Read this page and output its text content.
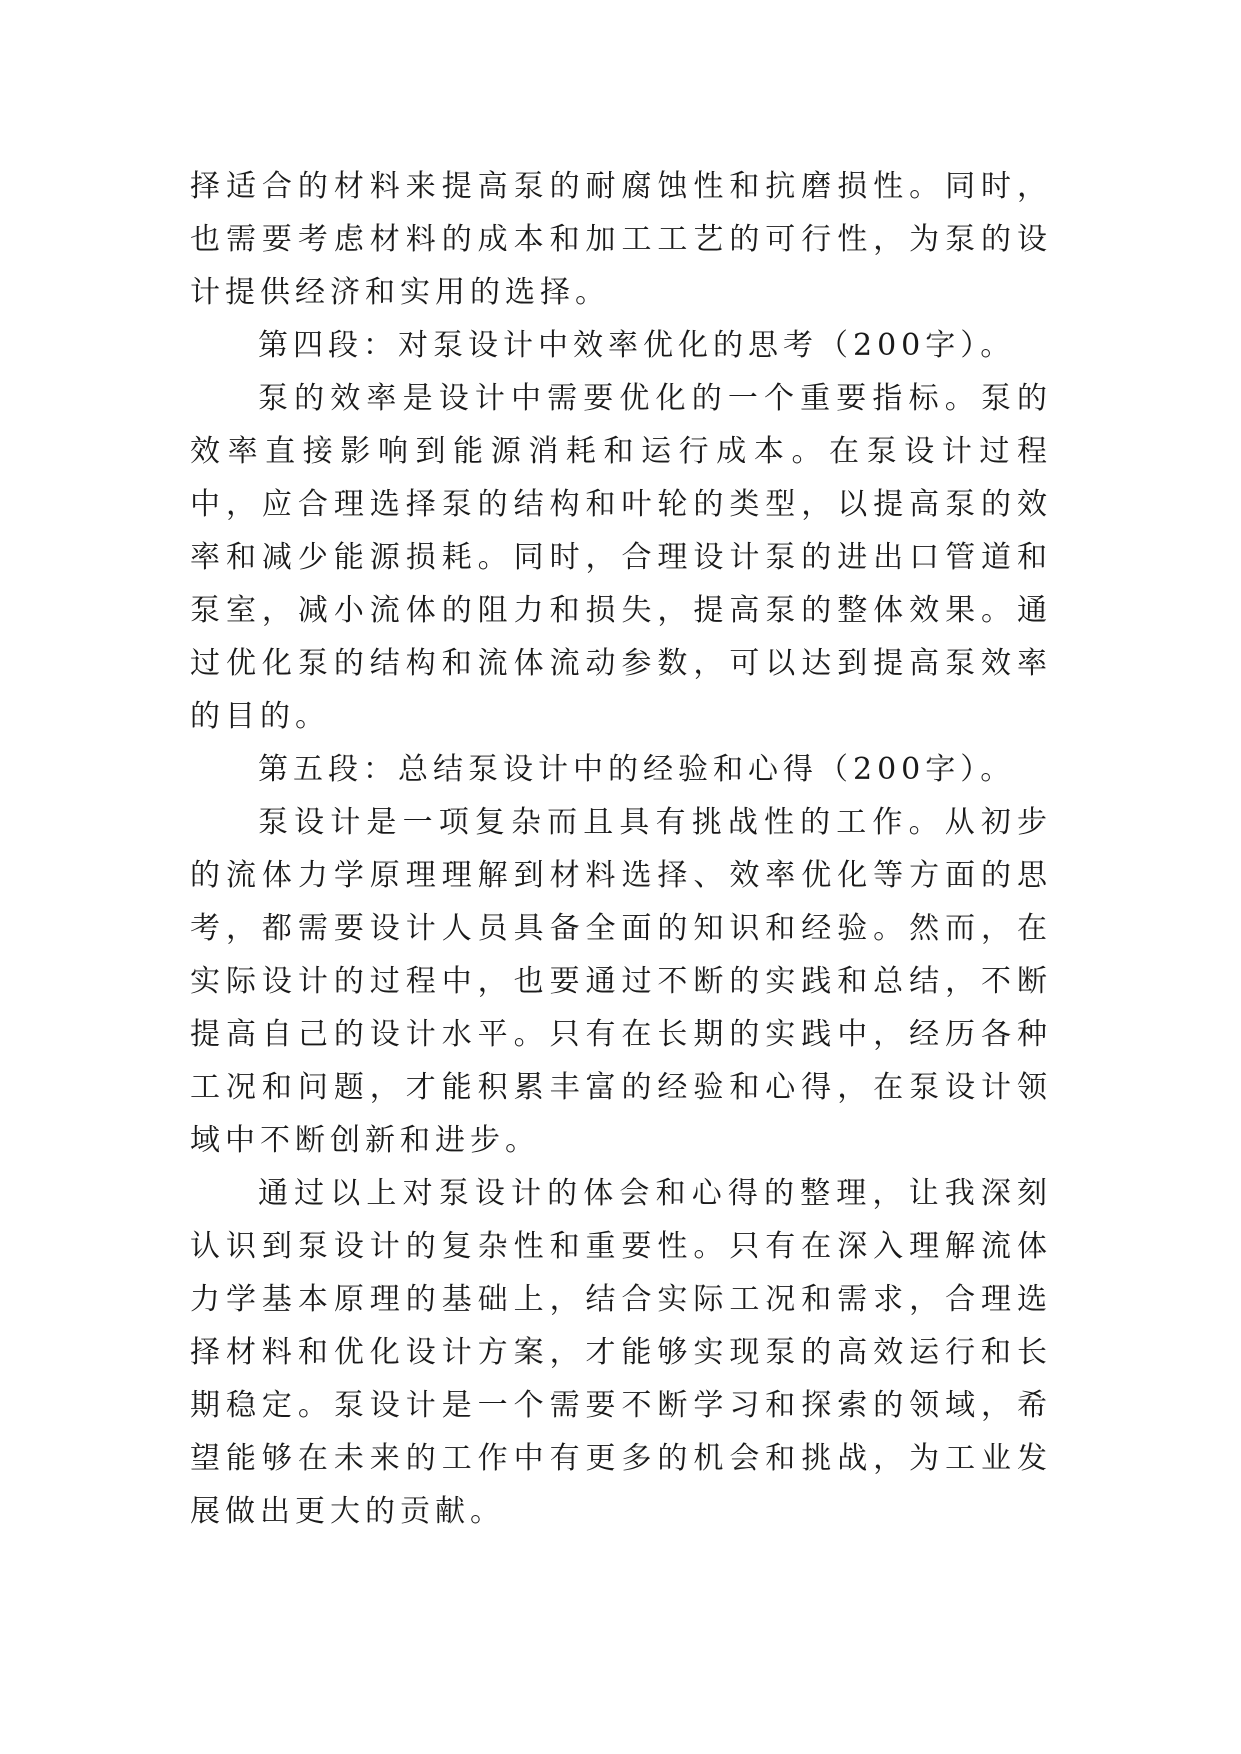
择适合的材料来提高泵的耐腐蚀性和抗磨损性。同时，也需要考虑材料的成本和加工工艺的可行性，为泵的设计提供经济和实用的选择。

第四段：对泵设计中效率优化的思考（200字）。

泵的效率是设计中需要优化的一个重要指标。泵的效率直接影响到能源消耗和运行成本。在泵设计过程中，应合理选择泵的结构和叶轮的类型，以提高泵的效率和减少能源损耗。同时，合理设计泵的进出口管道和泵室，减小流体的阻力和损失，提高泵的整体效果。通过优化泵的结构和流体流动参数，可以达到提高泵效率的目的。

第五段：总结泵设计中的经验和心得（200字）。

泵设计是一项复杂而且具有挑战性的工作。从初步的流体力学原理理解到材料选择、效率优化等方面的思考，都需要设计人员具备全面的知识和经验。然而，在实际设计的过程中，也要通过不断的实践和总结，不断提高自己的设计水平。只有在长期的实践中，经历各种工况和问题，才能积累丰富的经验和心得，在泵设计领域中不断创新和进步。

通过以上对泵设计的体会和心得的整理，让我深刻认识到泵设计的复杂性和重要性。只有在深入理解流体力学基本原理的基础上，结合实际工况和需求，合理选择材料和优化设计方案，才能够实现泵的高效运行和长期稳定。泵设计是一个需要不断学习和探索的领域，希望能够在未来的工作中有更多的机会和挑战，为工业发展做出更大的贡献。
